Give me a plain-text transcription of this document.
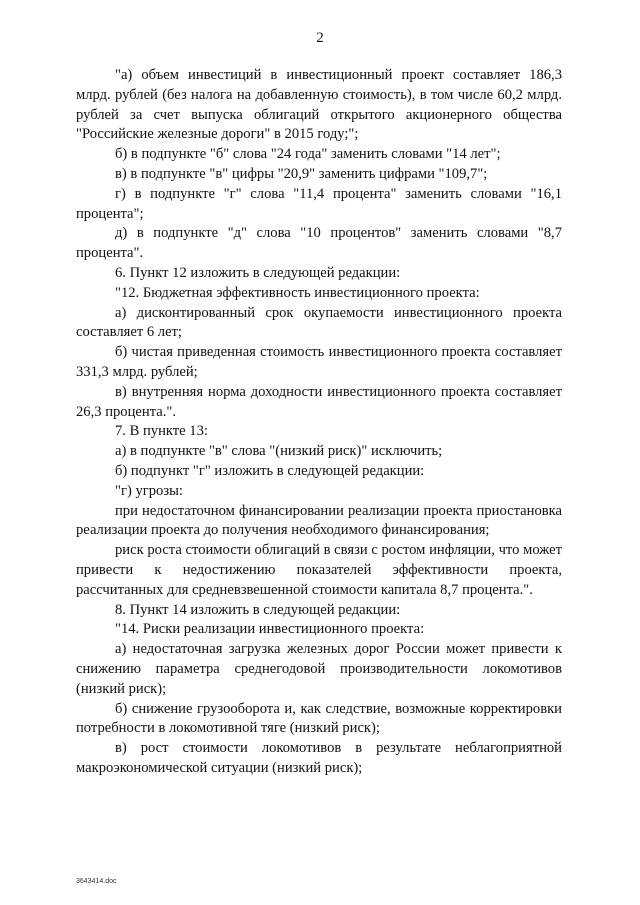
2

"а) объем инвестиций в инвестиционный проект составляет 186,3 млрд. рублей (без налога на добавленную стоимость), в том числе 60,2 млрд. рублей за счет выпуска облигаций открытого акционерного общества "Российские железные дороги" в 2015 году;";

б) в подпункте "б" слова "24 года" заменить словами "14 лет";

в) в подпункте "в" цифры "20,9" заменить цифрами "109,7";

г) в подпункте "г" слова "11,4 процента" заменить словами "16,1 процента";

д) в подпункте "д" слова "10 процентов" заменить словами "8,7 процента".

6. Пункт 12 изложить в следующей редакции:

"12. Бюджетная эффективность инвестиционного проекта:

а) дисконтированный срок окупаемости инвестиционного проекта составляет 6 лет;

б) чистая приведенная стоимость инвестиционного проекта составляет 331,3 млрд. рублей;

в) внутренняя норма доходности инвестиционного проекта составляет 26,3 процента.".

7. В пункте 13:

а) в подпункте "в" слова "(низкий риск)" исключить;

б) подпункт "г" изложить в следующей редакции:

"г) угрозы:

при недостаточном финансировании реализации проекта приостановка реализации проекта до получения необходимого финансирования;

риск роста стоимости облигаций в связи с ростом инфляции, что может привести к недостижению показателей эффективности проекта, рассчитанных для средневзвешенной стоимости капитала 8,7 процента.".

8. Пункт 14 изложить в следующей редакции:

"14. Риски реализации инвестиционного проекта:

а) недостаточная загрузка железных дорог России может привести к снижению параметра среднегодовой производительности локомотивов (низкий риск);

б) снижение грузооборота и, как следствие, возможные корректировки потребности в локомотивной тяге (низкий риск);

в) рост стоимости локомотивов в результате неблагоприятной макроэкономической ситуации (низкий риск);

3643414.doc
